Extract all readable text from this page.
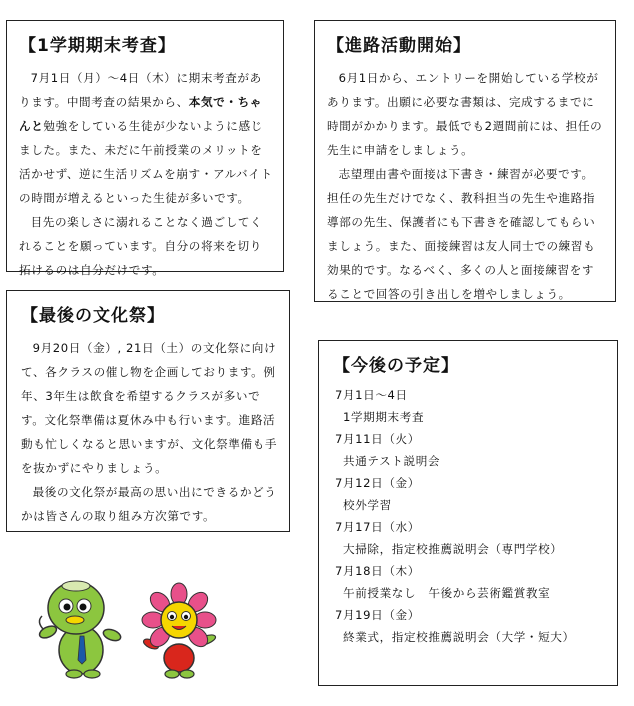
【1学期期末考査】

7月1日（月）～4日（木）に期末考査があります。中間考査の結果から、本気で・ちゃんと勉強をしている生徒が少ないように感じました。また、未だに午前授業のメリットを活かせず、逆に生活リズムを崩す・アルバイトの時間が増えるといった生徒が多いです。

目先の楽しさに溺れることなく過ごしてくれることを願っています。自分の将来を切り拓けるのは自分だけです。

【進路活動開始】

6月1日から、エントリーを開始している学校があります。出願に必要な書類は、完成するまでに時間がかかります。最低でも2週間前には、担任の先生に申請をしましょう。

志望理由書や面接は下書き・練習が必要です。担任の先生だけでなく、教科担当の先生や進路指導部の先生、保護者にも下書きを確認してもらいましょう。また、面接練習は友人同士での練習も効果的です。なるべく、多くの人と面接練習をすることで回答の引き出しを増やしましょう。

【最後の文化祭】

9月20日（金）, 21日（土）の文化祭に向けて、各クラスの催し物を企画しております。例年、3年生は飲食を希望するクラスが多いです。文化祭準備は夏休み中も行います。進路活動も忙しくなると思いますが、文化祭準備も手を抜かずにやりましょう。

最後の文化祭が最高の思い出にできるかどうかは皆さんの取り組み方次第です。

【今後の予定】
7月1日～4日
1学期期末考査
7月11日（火）
共通テスト説明会
7月12日（金）
校外学習
7月17日（水）
大掃除，指定校推薦説明会（専門学校）
7月18日（木）
午前授業なし　午後から芸術鑑賞教室
7月19日（金）
終業式，指定校推薦説明会（大学・短大）
